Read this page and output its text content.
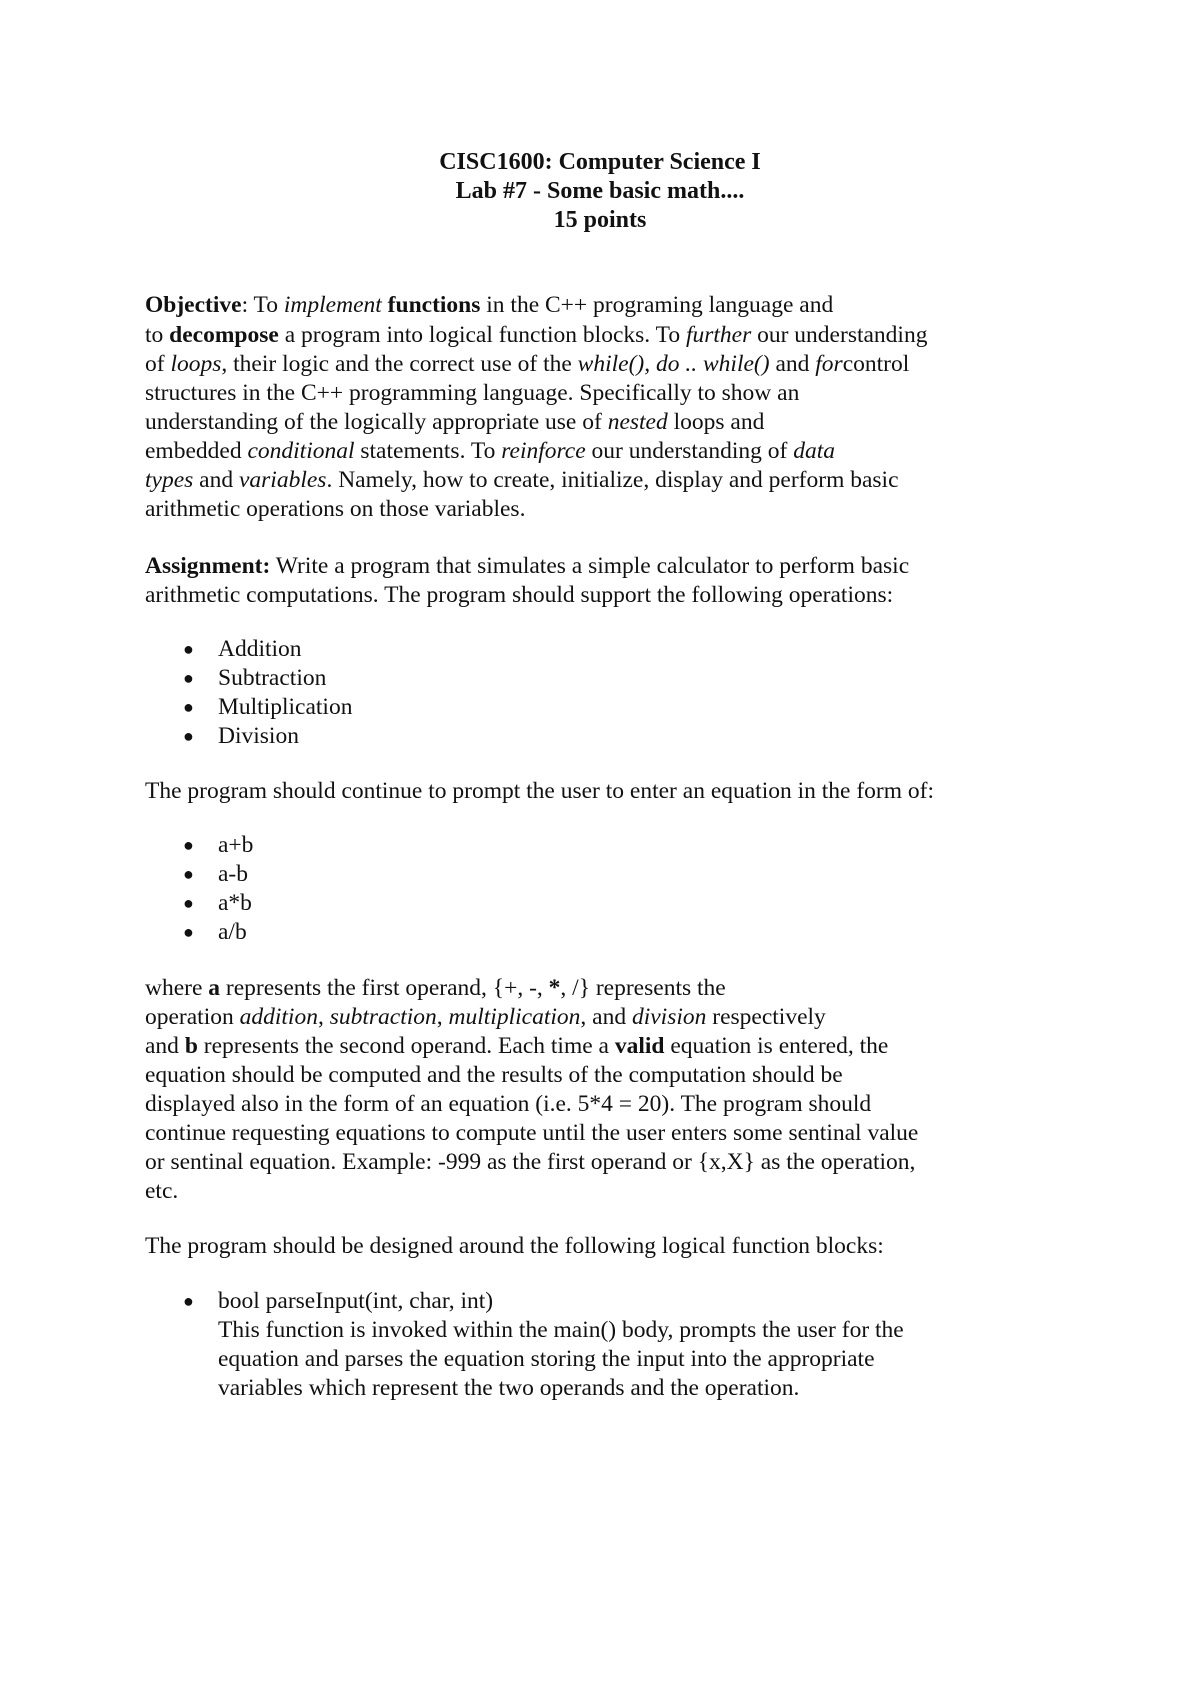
CISC1600: Computer Science I
Lab #7 - Some basic math....
15 points
Objective: To implement functions in the C++ programing language and
to decompose a program into logical function blocks. To further our understanding
of loops, their logic and the correct use of the while(), do .. while() and forcontrol
structures in the C++ programming language. Specifically to show an
understanding of the logically appropriate use of nested loops and
embedded conditional statements. To reinforce our understanding of data
types and variables. Namely, how to create, initialize, display and perform basic
arithmetic operations on those variables.
Assignment: Write a program that simulates a simple calculator to perform basic
arithmetic computations. The program should support the following operations:
● Addition
● Subtraction
● Multiplication
● Division
The program should continue to prompt the user to enter an equation in the form of:
● a+b
● a-b
● a*b
● a/b
where a represents the first operand, {+, -, *, /} represents the
operation addition, subtraction, multiplication, and division respectively
and b represents the second operand. Each time a valid equation is entered, the
equation should be computed and the results of the computation should be
displayed also in the form of an equation (i.e. 5*4 = 20). The program should
continue requesting equations to compute until the user enters some sentinal value
or sentinal equation. Example: -999 as the first operand or {x,X} as the operation,
etc.
The program should be designed around the following logical function blocks:
● bool parseInput(int, char, int)
This function is invoked within the main() body, prompts the user for the
equation and parses the equation storing the input into the appropriate
variables which represent the two operands and the operation.
